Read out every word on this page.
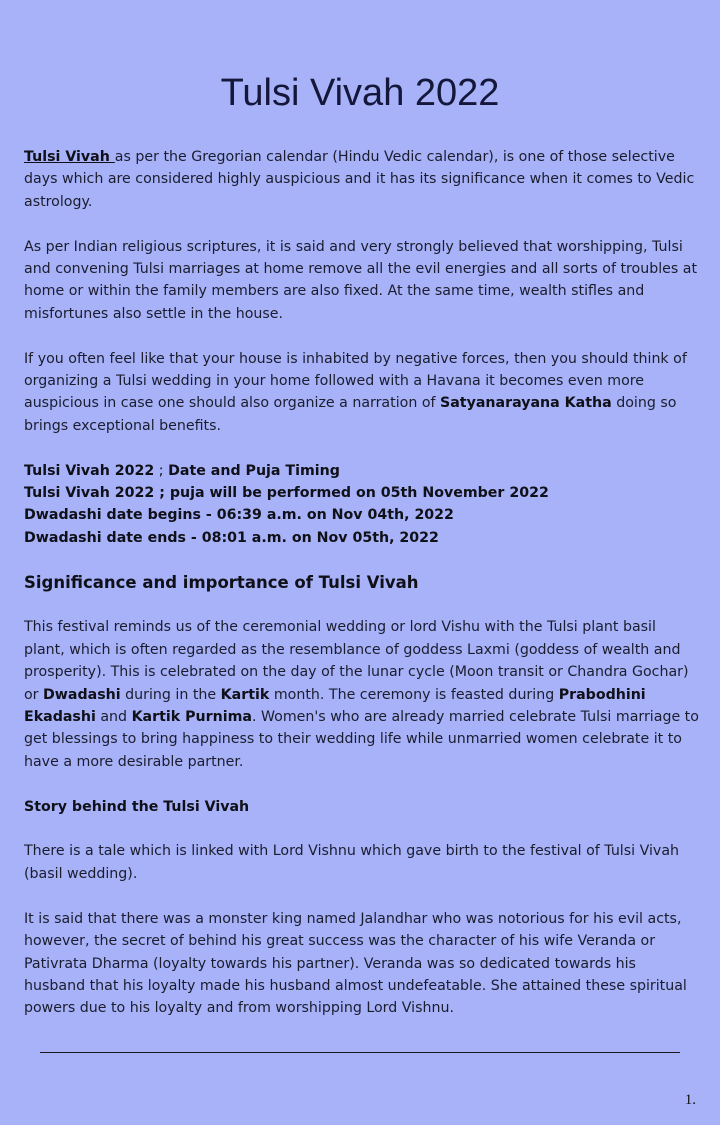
Tulsi Vivah 2022

Tulsi Vivah as per the Gregorian calendar (Hindu Vedic calendar), is one of those selective days which are considered highly auspicious and it has its significance when it comes to Vedic astrology.

As per Indian religious scriptures, it is said and very strongly believed that worshipping, Tulsi and convening Tulsi marriages at home remove all the evil energies and all sorts of troubles at home or within the family members are also fixed. At the same time, wealth stifles and misfortunes also settle in the house.

If you often feel like that your house is inhabited by negative forces, then you should think of organizing a Tulsi wedding in your home followed with a Havana it becomes even more auspicious in case one should also organize a narration of Satyanarayana Katha doing so brings exceptional benefits.

Tulsi Vivah 2022 ; Date and Puja Timing
Tulsi Vivah 2022 ; puja will be performed on 05th November 2022
Dwadashi date begins - 06:39 a.m. on Nov 04th, 2022
Dwadashi date ends - 08:01 a.m. on Nov 05th, 2022
Significance and importance of Tulsi Vivah

This festival reminds us of the ceremonial wedding or lord Vishu with the Tulsi plant basil plant, which is often regarded as the resemblance of goddess Laxmi (goddess of wealth and prosperity). This is celebrated on the day of the lunar cycle (Moon transit or Chandra Gochar) or Dwadashi during in the Kartik month. The ceremony is feasted during Prabodhini Ekadashi and Kartik Purnima. Women's who are already married celebrate Tulsi marriage to get blessings to bring happiness to their wedding life while unmarried women celebrate it to have a more desirable partner.

Story behind the Tulsi Vivah

There is a tale which is linked with Lord Vishnu which gave birth to the festival of Tulsi Vivah (basil wedding).

It is said that there was a monster king named Jalandhar who was notorious for his evil acts, however, the secret of behind his great success was the character of his wife Veranda or Pativrata Dharma (loyalty towards his partner). Veranda was so dedicated towards his husband that his loyalty made his husband almost undefeatable. She attained these spiritual powers due to his loyalty and from worshipping Lord Vishnu.

1.
